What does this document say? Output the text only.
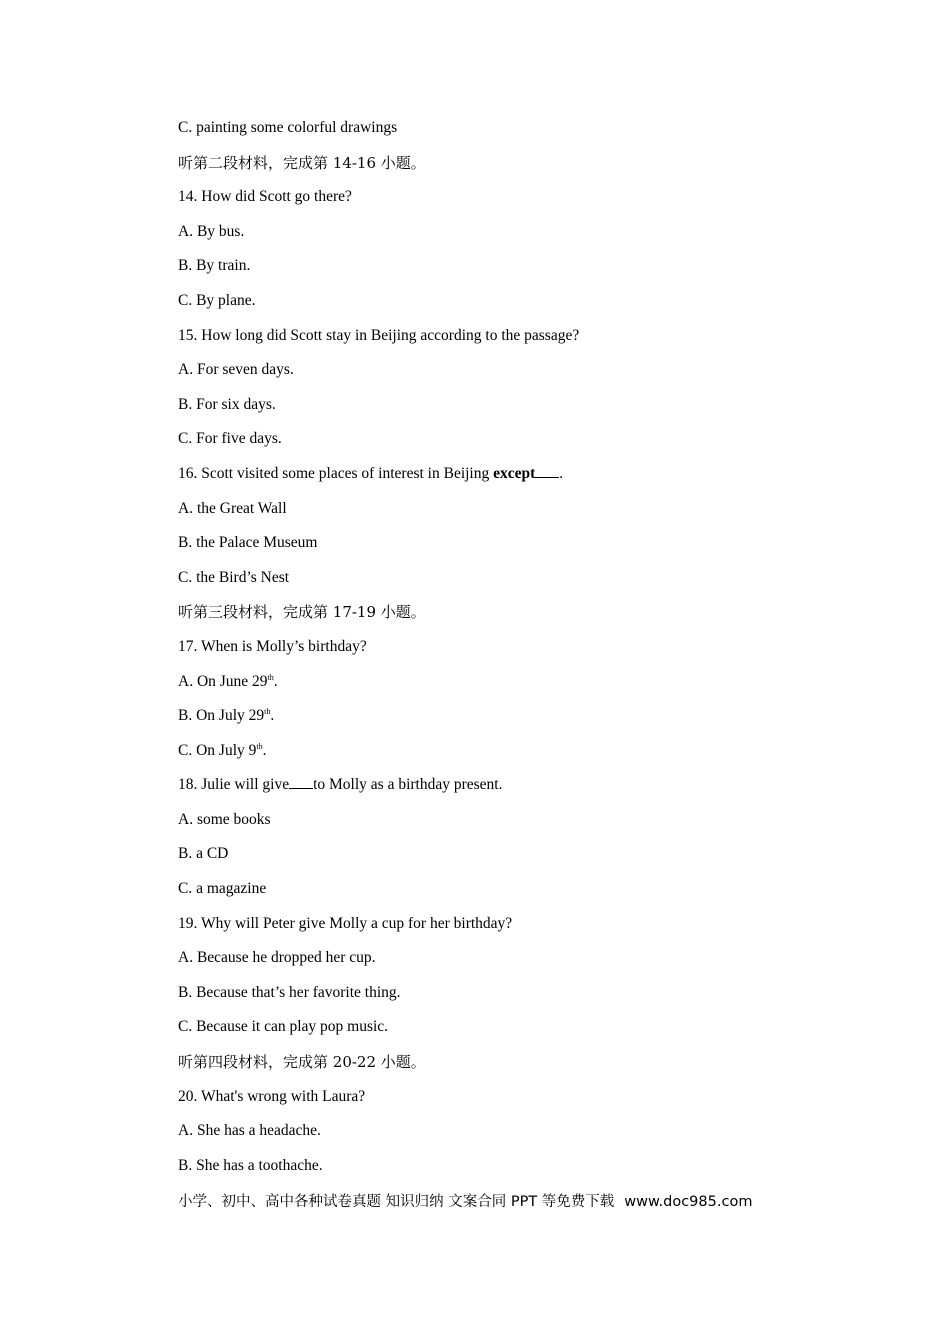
C. painting some colorful drawings
听第二段材料，完成第 14-16 小题。
14. How did Scott go there?
A. By bus.
B. By train.
C. By plane.
15. How long did Scott stay in Beijing according to the passage?
A. For seven days.
B. For six days.
C. For five days.
16. Scott visited some places of interest in Beijing except .
A. the Great Wall
B. the Palace Museum
C. the Bird’s Nest
听第三段材料，完成第 17-19 小题。
17. When is Molly’s birthday?
A. On June 29th.
B. On July 29th.
C. On July 9th.
18. Julie will give to Molly as a birthday present.
A. some books
B. a CD
C. a magazine
19. Why will Peter give Molly a cup for her birthday?
A. Because he dropped her cup.
B. Because that’s her favorite thing.
C. Because it can play pop music.
听第四段材料，完成第 20-22 小题。
20. What's wrong with Laura?
A. She has a headache.
B. She has a toothache.
小学、初中、高中各种试卷真题 知识归纳 文案合同 PPT 等免费下载 www.doc985.com
